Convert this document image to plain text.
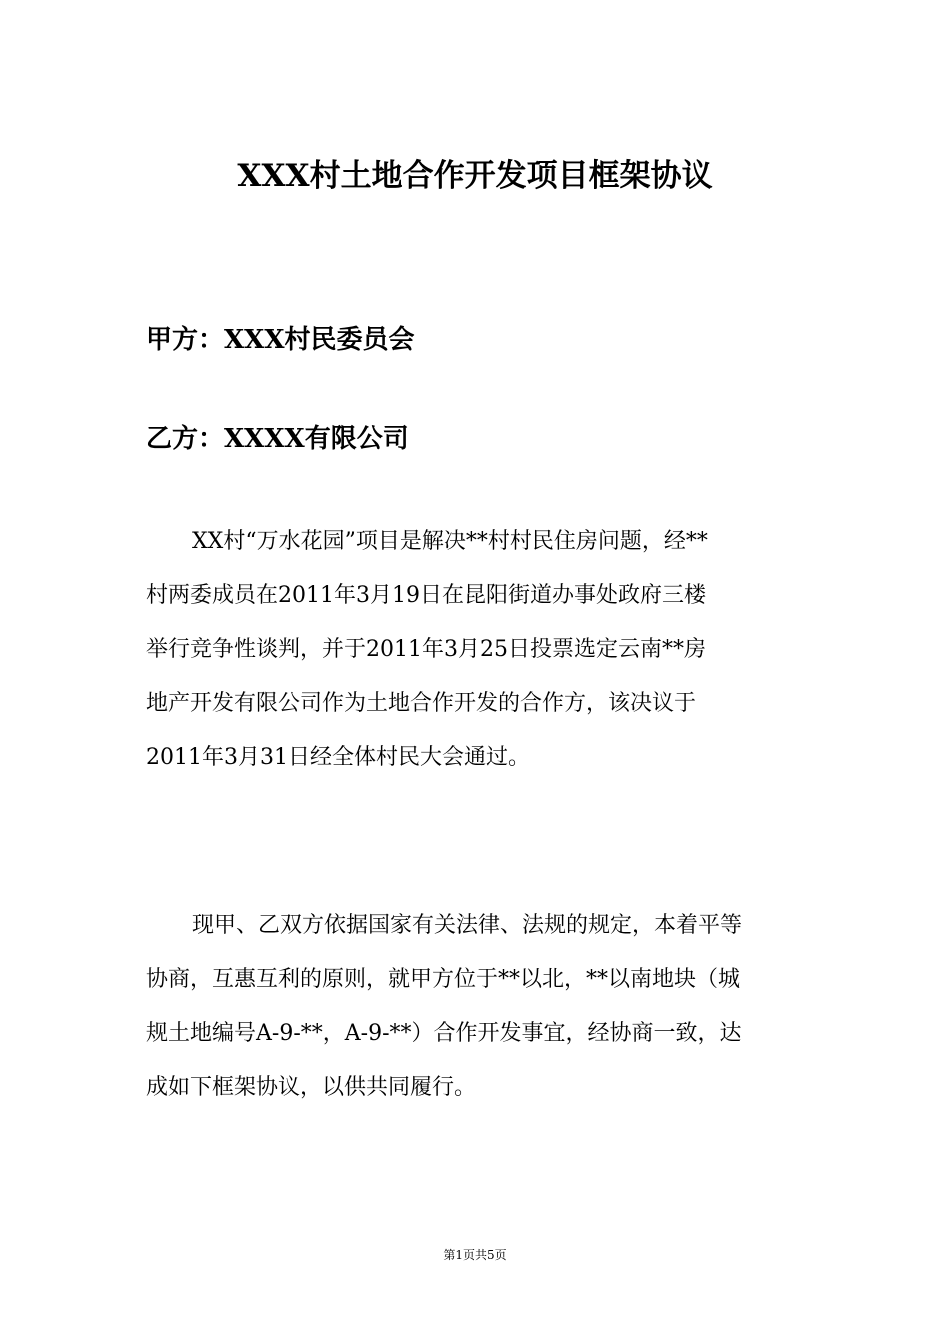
XXX村土地合作开发项目框架协议
甲方：XXX村民委员会
乙方：XXXX有限公司
XX村“万水花园”项目是解决**村村民住房问题，经**
村两委成员在2011年3月19日在昆阳街道办事处政府三楼
举行竞争性谈判，并于2011年3月25日投票选定云南**房
地产开发有限公司作为土地合作开发的合作方，该决议于
2011年3月31日经全体村民大会通过。
现甲、乙双方依据国家有关法律、法规的规定，本着平等
协商，互惠互利的原则，就甲方位于**以北，**以南地块（城
规土地编号A-9-**，A-9-**）合作开发事宜，经协商一致，达
成如下框架协议，以供共同履行。
第1页共5页
